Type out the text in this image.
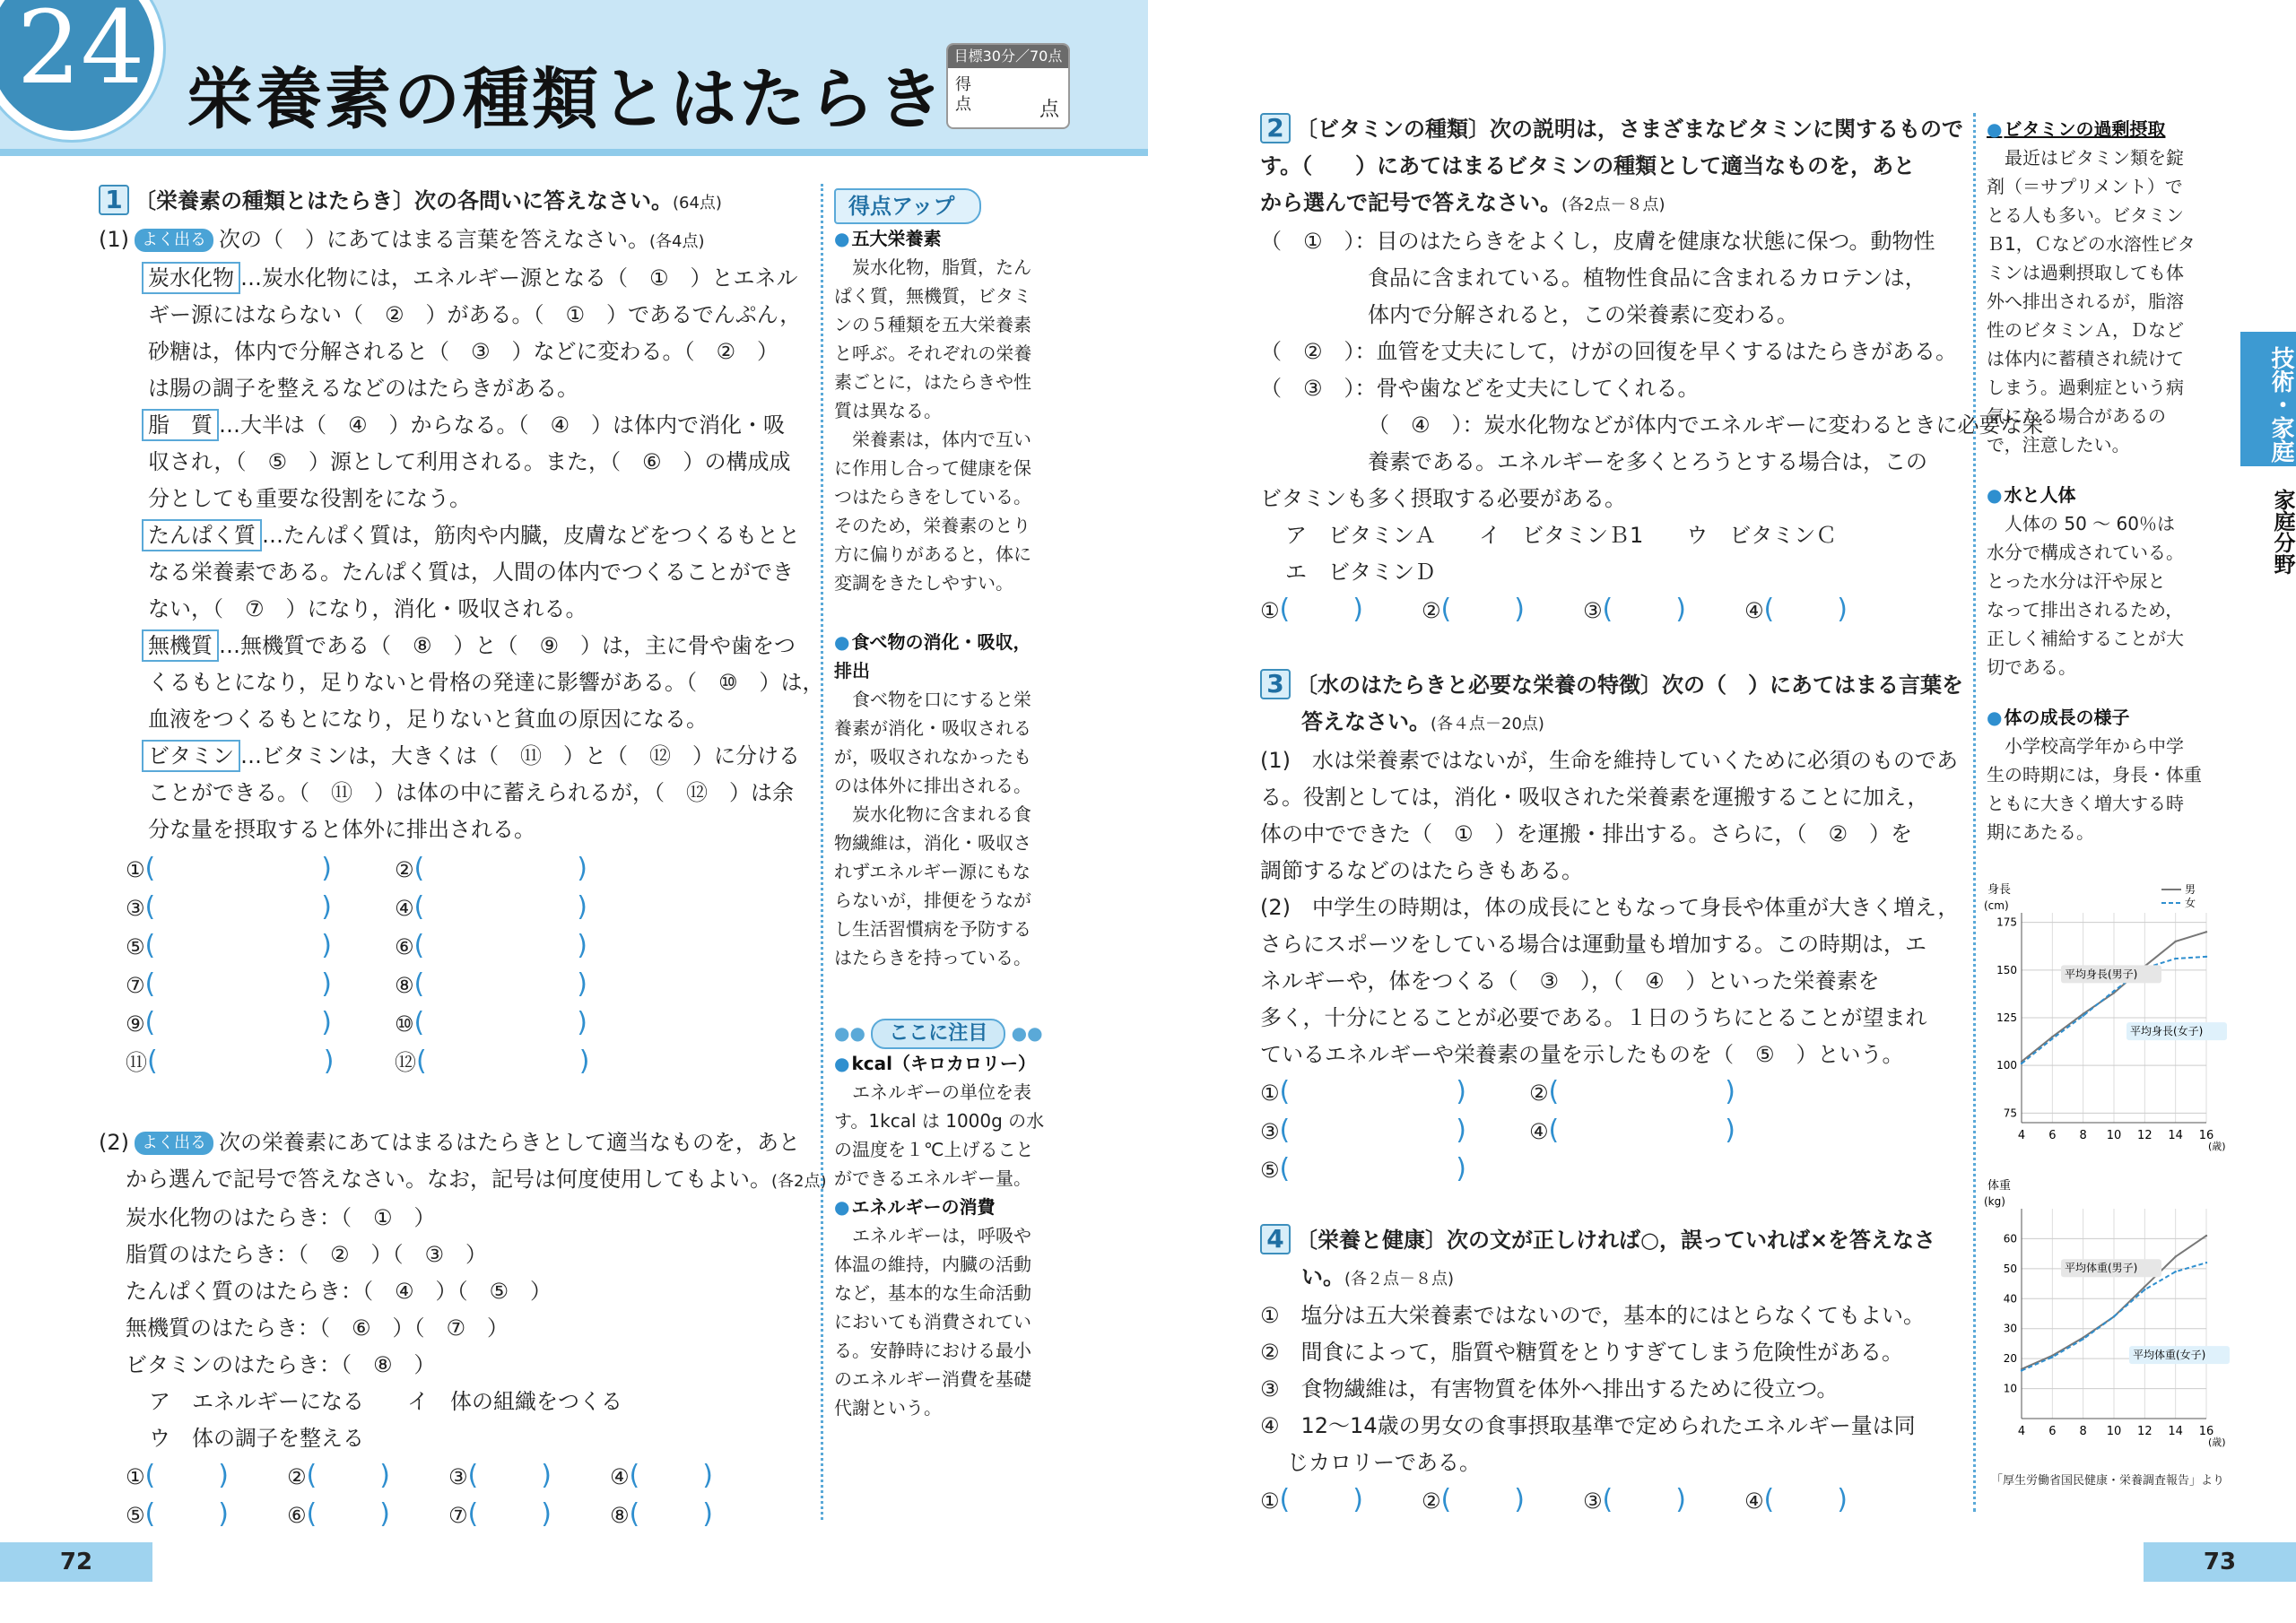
24 栄養素の種類とはたらき
目標30分／70点
得
点	点
1 〔栄養素の種類とはたらき〕次の各問いに答えなさい。(64点)
(1) よく出る 次の（　）にあてはまる言葉を答えなさい。(各4点)
炭水化物 …炭水化物には，エネルギー源となる（　①　）とエネル
ギー源にはならない（　②　）がある。（　①　）であるでんぷん，
砂糖は，体内で分解されると（　③　）などに変わる。（　②　）
は腸の調子を整えるなどのはたらきがある。
脂　質 …大半は（　④　）からなる。（　④　）は体内で消化・吸
収され，（　⑤　）源として利用される。また，（　⑥　）の構成成
分としても重要な役割をになう。
たんぱく質 …たんぱく質は，筋肉や内臓，皮膚などをつくるもとと
なる栄養素である。たんぱく質は，人間の体内でつくることができ
ない，（　⑦　）になり，消化・吸収される。
無機質 …無機質である（　⑧　）と（　⑨　）は，主に骨や歯をつ
くるもとになり，足りないと骨格の発達に影響がある。（　⑩　）は，
血液をつくるもとになり，足りないと貧血の原因になる。
ビタミン …ビタミンは，大きくは（　⑪　）と（　⑫　）に分ける
ことができる。（　⑪　）は体の中に蓄えられるが，（　⑫　）は余
分な量を摂取すると体外に排出される。
①(	)	②(	)
③(	)	④(	)
⑤(	)	⑥(	)
⑦(	)	⑧(	)
⑨(	)	⑩(	)
⑪(	)	⑫(	)
(2) よく出る 次の栄養素にあてはまるはたらきとして適当なものを，あと
から選んで記号で答えなさい。なお，記号は何度使用してもよい。(各2点)
炭水化物のはたらき：（　①　）
脂質のはたらき：（　②　）（　③　）
たんぱく質のはたらき：（　④　）（　⑤　）
無機質のはたらき：（　⑥　）（　⑦　）
ビタミンのはたらき：（　⑧　）
ア　エネルギーになる　　イ　体の組織をつくる
ウ　体の調子を整える
①( )	②( )	③( )	④( )
⑤( )	⑥( )	⑦( )	⑧( )
得点アップ
● 五大栄養素
炭水化物，脂質，たん
ぱく質，無機質，ビタミ
ンの５種類を五大栄養素
と呼ぶ。それぞれの栄養
素ごとに，はたらきや性
質は異なる。
　栄養素は，体内で互い
に作用し合って健康を保
つはたらきをしている。
そのため，栄養素のとり
方に偏りがあると，体に
変調をきたしやすい。
● 食べ物の消化・吸収，
排出
食べ物を口にすると栄
養素が消化・吸収される
が，吸収されなかったも
のは体外に排出される。
　炭水化物に含まれる食
物繊維は，消化・吸収さ
れずエネルギー源にもな
らないが，排便をうなが
し生活習慣病を予防する
はたらきを持っている。
●● ここに注目 ●●
● kcal（キロカロリー）
エネルギーの単位を表
す。1kcal は 1000g の水
の温度を１℃上げること
ができるエネルギー量。
● エネルギーの消費
エネルギーは，呼吸や
体温の維持，内臓の活動
など，基本的な生命活動
においても消費されてい
る。安静時における最小
のエネルギー消費を基礎
代謝という。
72
2 〔ビタミンの種類〕次の説明は，さまざまなビタミンに関するもので
す。（　　）にあてはまるビタミンの種類として適当なものを，あと
から選んで記号で答えなさい。(各2点－８点)
（　①　）：目のはたらきをよくし，皮膚を健康な状態に保つ。動物性
食品に含まれている。植物性食品に含まれるカロテンは，
体内で分解されると，この栄養素に変わる。
（　②　）：血管を丈夫にして，けがの回復を早くするはたらきがある。
（　③　）：骨や歯などを丈夫にしてくれる。
（　④　）：炭水化物などが体内でエネルギーに変わるときに必要な栄
養素である。エネルギーを多くとろうとする場合は，この
ビタミンも多く摂取する必要がある。
ア　ビタミンＡ　　イ　ビタミンＢ1　　ウ　ビタミンＣ
エ　ビタミンＤ
①( )	②( )	③( )	④( )
3 〔水のはたらきと必要な栄養の特徴〕次の（　）にあてはまる言葉を
答えなさい。(各４点－20点)
(1)　水は栄養素ではないが，生命を維持していくために必須のものであ
る。役割としては，消化・吸収された栄養素を運搬することに加え，
体の中でできた（　①　）を運搬・排出する。さらに，（　②　）を
調節するなどのはたらきもある。
(2)　中学生の時期は，体の成長にともなって身長や体重が大きく増え，
さらにスポーツをしている場合は運動量も増加する。この時期は，エ
ネルギーや，体をつくる（　③　），（　④　）といった栄養素を
多く，十分にとることが必要である。１日のうちにとることが望まれ
ているエネルギーや栄養素の量を示したものを（　⑤　）という。
①(	)	②(	)
③(	)	④(	)
⑤(	)
4 〔栄養と健康〕次の文が正しければ○，誤っていれば×を答えなさ
い。(各２点－８点)
①　塩分は五大栄養素ではないので，基本的にはとらなくてもよい。
②　間食によって，脂質や糖質をとりすぎてしまう危険性がある。
③　食物繊維は，有害物質を体外へ排出するために役立つ。
④　12～14歳の男女の食事摂取基準で定められたエネルギー量は同
じカロリーである。
①( )	②( )	③( )	④( )
● ビタミンの過剰摂取
最近はビタミン類を錠
剤（＝サプリメント）で
とる人も多い。ビタミン
Ｂ1，Ｃなどの水溶性ビタ
ミンは過剰摂取しても体
外へ排出されるが，脂溶
性のビタミンＡ，Ｄなど
は体内に蓄積され続けて
しまう。過剰症という病
気になる場合があるの
で，注意したい。
● 水と人体
人体の 50 ～ 60％は
水分で構成されている。
とった水分は汗や尿と
なって排出されるため，
正しく補給することが大
切である。
● 体の成長の様子
小学校高学年から中学
生の時期には，身長・体重
ともに大きく増大する時
期にあたる。
身長
(cm)
4 6 8 10 12 14 16
75
100
125
150
175
(歳)
男
女
平均身長(男子)
平均身長(女子)
体重
(kg)
4 6 8 10 12 14 16
10
20
30
40
50
60
(歳)
平均体重(男子)
平均体重(女子)
「厚生労働省国民健康・栄養調査報告」より
技術・家庭
家庭分野
73
